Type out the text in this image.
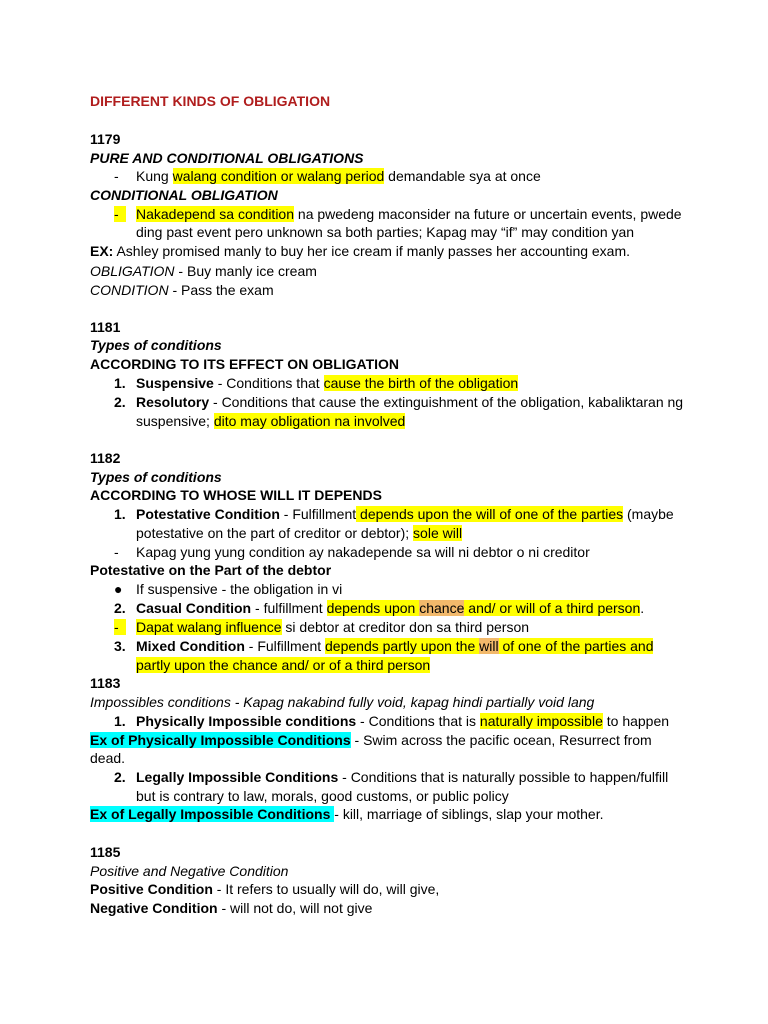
DIFFERENT KINDS OF OBLIGATION
1179
PURE AND CONDITIONAL OBLIGATIONS
- Kung walang condition or walang period demandable sya at once
CONDITIONAL OBLIGATION
- Nakadepend sa condition na pwedeng maconsider na future or uncertain events, pwede
ding past event pero unknown sa both parties; Kapag may “if” may condition yan
EX: Ashley promised manly to buy her ice cream if manly passes her accounting exam.
OBLIGATION - Buy manly ice cream
CONDITION - Pass the exam
1181
Types of conditions
ACCORDING TO ITS EFFECT ON OBLIGATION
1. Suspensive - Conditions that cause the birth of the obligation
2. Resolutory - Conditions that cause the extinguishment of the obligation, kabaliktaran ng
suspensive; dito may obligation na involved
1182
Types of conditions
ACCORDING TO WHOSE WILL IT DEPENDS
1. Potestative Condition - Fulfillment depends upon the will of one of the parties (maybe
potestative on the part of creditor or debtor); sole will
- Kapag yung yung condition ay nakadepende sa will ni debtor o ni creditor
Potestative on the Part of the debtor
● If suspensive - the obligation in vi
2. Casual Condition - fulfillment depends upon chance and/ or will of a third person.
- Dapat walang influence si debtor at creditor don sa third person
3. Mixed Condition - Fulfillment depends partly upon the will of one of the parties and
partly upon the chance and/ or of a third person
1183
Impossibles conditions - Kapag nakabind fully void, kapag hindi partially void lang
1. Physically Impossible conditions - Conditions that is naturally impossible to happen
Ex of Physically Impossible Conditions - Swim across the pacific ocean, Resurrect from
dead.
2. Legally Impossible Conditions - Conditions that is naturally possible to happen/fulfill
but is contrary to law, morals, good customs, or public policy
Ex of Legally Impossible Conditions - kill, marriage of siblings, slap your mother.
1185
Positive and Negative Condition
Positive Condition - It refers to usually will do, will give,
Negative Condition - will not do, will not give
